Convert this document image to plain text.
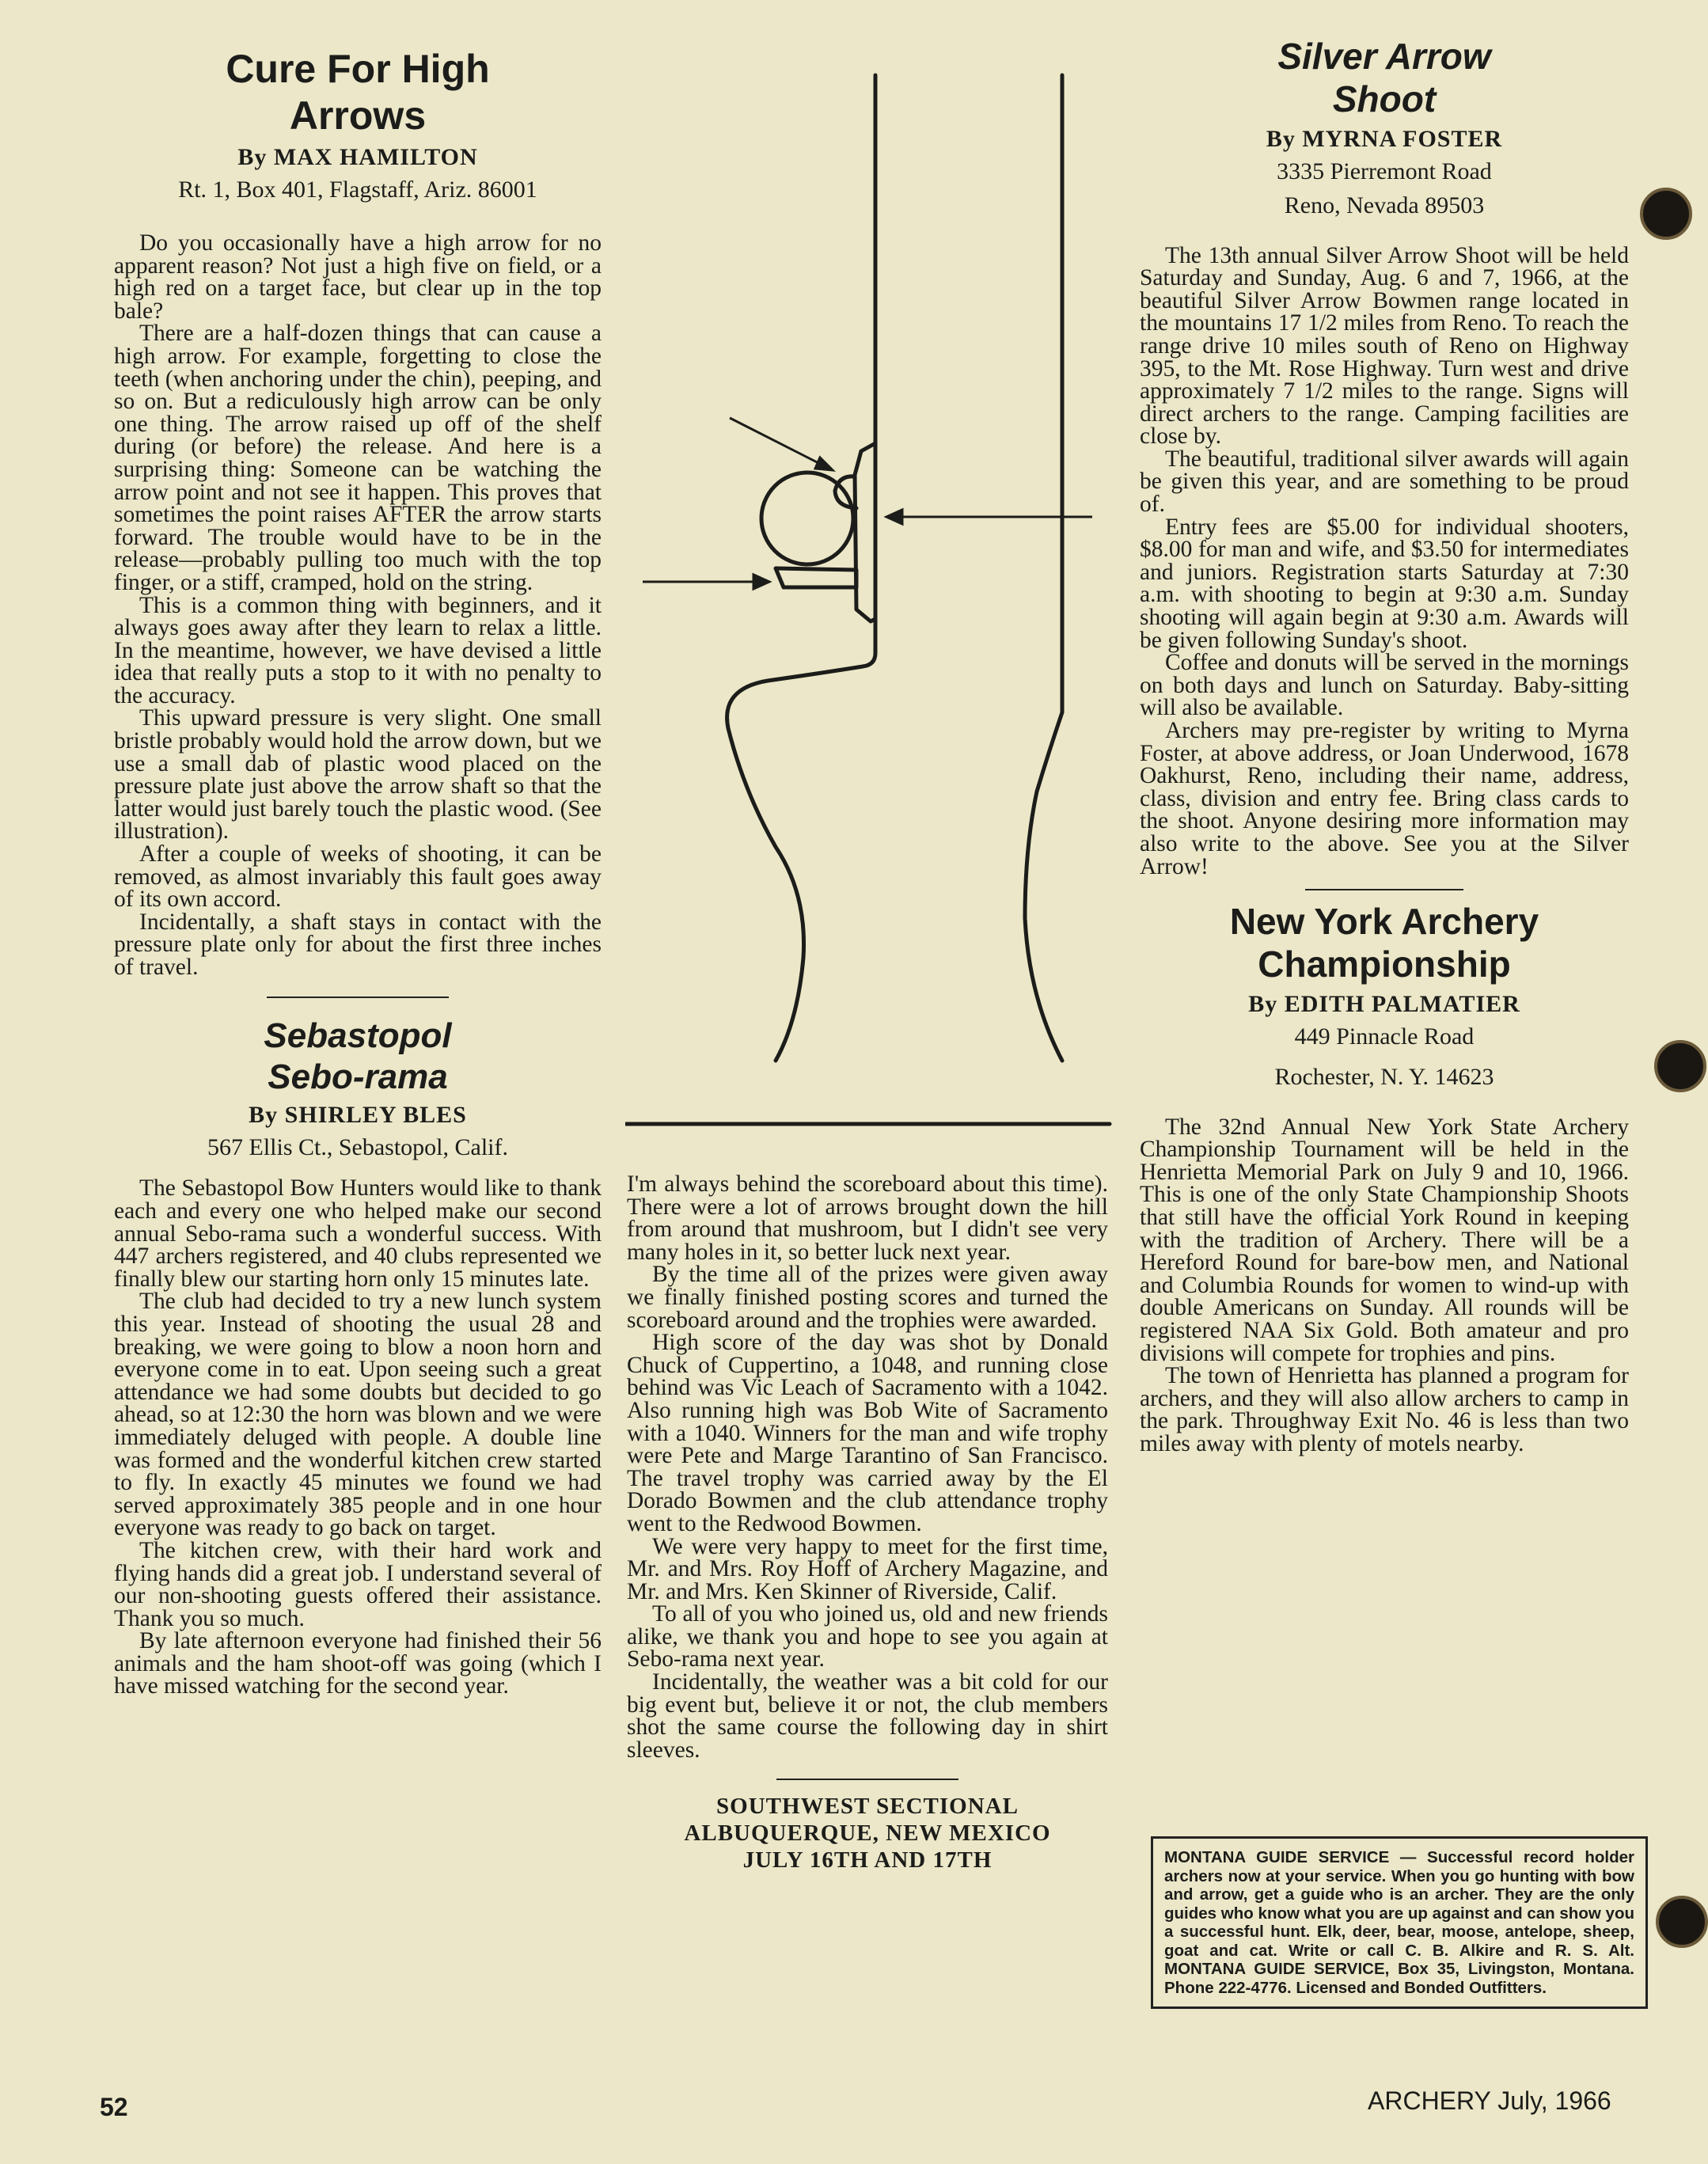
Cure For High
Arrows
By MAX HAMILTON
Rt. 1, Box 401, Flagstaff, Ariz. 86001

Do you occasionally have a high arrow for no apparent reason? Not just a high five on field, or a high red on a target face, but clear up in the top bale?

There are a half-dozen things that can cause a high arrow. For example, forgetting to close the teeth (when anchoring under the chin), peeping, and so on. But a rediculously high arrow can be only one thing. The arrow raised up off of the shelf during (or before) the release. And here is a surprising thing: Someone can be watching the arrow point and not see it happen. This proves that sometimes the point raises AFTER the arrow starts forward. The trouble would have to be in the release—probably pulling too much with the top finger, or a stiff, cramped, hold on the string.

This is a common thing with beginners, and it always goes away after they learn to relax a little. In the meantime, however, we have devised a little idea that really puts a stop to it with no penalty to the accuracy.

This upward pressure is very slight. One small bristle probably would hold the arrow down, but we use a small dab of plastic wood placed on the pressure plate just above the arrow shaft so that the latter would just barely touch the plastic wood. (See illustration).

After a couple of weeks of shooting, it can be removed, as almost invariably this fault goes away of its own accord.

Incidentally, a shaft stays in contact with the pressure plate only for about the first three inches of travel.

Sebastopol
Sebo-rama
By SHIRLEY BLES
567 Ellis Ct., Sebastopol, Calif.

The Sebastopol Bow Hunters would like to thank each and every one who helped make our second annual Sebo-rama such a wonderful success. With 447 archers registered, and 40 clubs represented we finally blew our starting horn only 15 minutes late.

The club had decided to try a new lunch system this year. Instead of shooting the usual 28 and breaking, we were going to blow a noon horn and everyone come in to eat. Upon seeing such a great attendance we had some doubts but decided to go ahead, so at 12:30 the horn was blown and we were immediately deluged with people. A double line was formed and the wonderful kitchen crew started to fly. In exactly 45 minutes we found we had served approximately 385 people and in one hour everyone was ready to go back on target.

The kitchen crew, with their hard work and flying hands did a great job. I understand several of our non-shooting guests offered their assistance. Thank you so much.

By late afternoon everyone had finished their 56 animals and the ham shoot-off was going (which I have missed watching for the second year.

I'm always behind the scoreboard about this time). There were a lot of arrows brought down the hill from around that mushroom, but I didn't see very many holes in it, so better luck next year.

By the time all of the prizes were given away we finally finished posting scores and turned the scoreboard around and the trophies were awarded.

High score of the day was shot by Donald Chuck of Cuppertino, a 1048, and running close behind was Vic Leach of Sacramento with a 1042. Also running high was Bob Wite of Sacramento with a 1040. Winners for the man and wife trophy were Pete and Marge Tarantino of San Francisco. The travel trophy was carried away by the El Dorado Bowmen and the club attendance trophy went to the Redwood Bowmen.

We were very happy to meet for the first time, Mr. and Mrs. Roy Hoff of Archery Magazine, and Mr. and Mrs. Ken Skinner of Riverside, Calif.

To all of you who joined us, old and new friends alike, we thank you and hope to see you again at Sebo-rama next year.

Incidentally, the weather was a bit cold for our big event but, believe it or not, the club members shot the same course the following day in shirt sleeves.

SOUTHWEST SECTIONAL
ALBUQUERQUE, NEW MEXICO
JULY 16TH AND 17TH
Silver Arrow
Shoot
By MYRNA FOSTER
3335 Pierremont Road
Reno, Nevada 89503

The 13th annual Silver Arrow Shoot will be held Saturday and Sunday, Aug. 6 and 7, 1966, at the beautiful Silver Arrow Bowmen range located in the mountains 17 1/2 miles from Reno. To reach the range drive 10 miles south of Reno on Highway 395, to the Mt. Rose Highway. Turn west and drive approximately 7 1/2 miles to the range. Signs will direct archers to the range. Camping facilities are close by.

The beautiful, traditional silver awards will again be given this year, and are something to be proud of.

Entry fees are $5.00 for individual shooters, $8.00 for man and wife, and $3.50 for intermediates and juniors. Registration starts Saturday at 7:30 a.m. with shooting to begin at 9:30 a.m. Sunday shooting will again begin at 9:30 a.m. Awards will be given following Sunday's shoot.

Coffee and donuts will be served in the mornings on both days and lunch on Saturday. Baby-sitting will also be available.

Archers may pre-register by writing to Myrna Foster, at above address, or Joan Underwood, 1678 Oakhurst, Reno, including their name, address, class, division and entry fee. Bring class cards to the shoot. Anyone desiring more information may also write to the above. See you at the Silver Arrow!

New York Archery
Championship
By EDITH PALMATIER
449 Pinnacle Road
Rochester, N. Y. 14623

The 32nd Annual New York State Archery Championship Tournament will be held in the Henrietta Memorial Park on July 9 and 10, 1966. This is one of the only State Championship Shoots that still have the official York Round in keeping with the tradition of Archery. There will be a Hereford Round for bare-bow men, and National and Columbia Rounds for women to wind-up with double Americans on Sunday. All rounds will be registered NAA Six Gold. Both amateur and pro divisions will compete for trophies and pins.

The town of Henrietta has planned a program for archers, and they will also allow archers to camp in the park. Throughway Exit No. 46 is less than two miles away with plenty of motels nearby.

MONTANA GUIDE SERVICE — Successful record holder archers now at your service. When you go hunting with bow and arrow, get a guide who is an archer. They are the only guides who know what you are up against and can show you a successful hunt. Elk, deer, bear, moose, antelope, sheep, goat and cat. Write or call C. B. Alkire and R. S. Alt. MONTANA GUIDE SERVICE, Box 35, Livingston, Montana. Phone 222-4776. Licensed and Bonded Outfitters.
52	ARCHERY July, 1966
